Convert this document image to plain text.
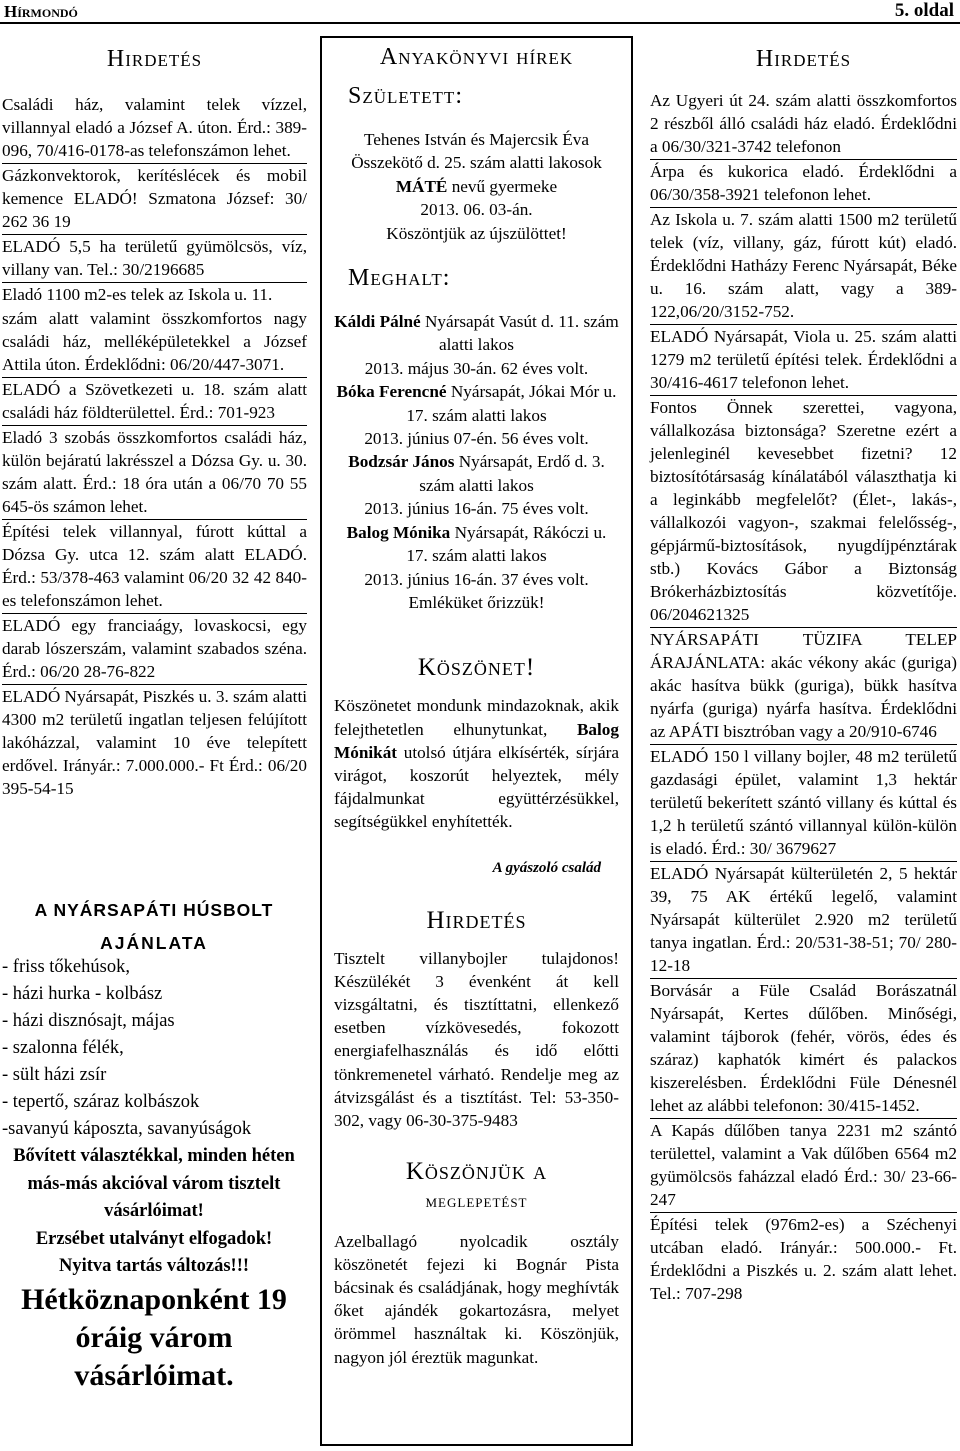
Hírmondó	5. oldal
Hirdetés
Családi ház, valamint telek vízzel, villannyal eladó a József A. úton. Érd.: 389-096, 70/416-0178-as telefonszámon lehet.
Gázkonvektorok, kerítéslécek és mobil kemence ELADÓ! Szmatona József: 30/ 262 36 19
ELADÓ 5,5 ha területű gyümölcsös, víz, villany van. Tel.: 30/2196685
Eladó 1100 m2-es telek az Iskola u. 11.
szám alatt valamint összkomfortos nagy családi ház, melléképületekkel a József Attila úton. Érdeklődni: 06/20/447-3071.
ELADÓ a Szövetkezeti u. 18. szám alatt családi ház földterülettel. Érd.: 701-923
Eladó 3 szobás összkomfortos családi ház, külön bejáratú lakrésszel a Dózsa Gy. u. 30. szám alatt. Érd.: 18 óra után a 06/70 70 55 645-ös számon lehet.
Építési telek villannyal, fúrott kúttal a Dózsa Gy. utca 12. szám alatt ELADÓ. Érd.: 53/378-463 valamint 06/20 32 42 840-es telefonszámon lehet.
ELADÓ egy franciaágy, lovaskocsi, egy darab lószerszám, valamint szabados széna. Érd.: 06/20 28-76-822
ELADÓ Nyársapát, Piszkés u. 3. szám alatti 4300 m2 területű ingatlan teljesen felújított lakóházzal, valamint 10 éve telepített erdővel. Irányár.: 7.000.000.- Ft Érd.: 06/20 395-54-15
A NYÁRSAPÁTI HÚSBOLT
AJÁNLATA
- friss tőkehúsok,
- házi hurka - kolbász
- házi disznósajt, májas
- szalonna félék,
- sült házi zsír
- tepertő, száraz kolbászok
-savanyú káposzta, savanyúságok
Bővített választékkal, minden héten más-más akcióval várom tisztelt vásárlóimat!
Erzsébet utalványt elfogadok!
Nyitva tartás változás!!!
Hétköznaponként 19 óráig várom vásárlóimat.
Anyakönyvi hírek
Született:
Tehenes István és Majercsik Éva
Összekötő d. 25. szám alatti lakosok
MÁTÉ nevű gyermeke
2013. 06. 03-án.
Köszöntjük az újszülöttet!
Meghalt:
Káldi Pálné Nyársapát Vasút d. 11. szám alatti lakos
2013. május 30-án. 62 éves volt.
Bóka Ferencné Nyársapát, Jókai Mór u. 17. szám alatti lakos
2013. június 07-én. 56 éves volt.
Bodzsár János Nyársapát, Erdő d. 3. szám alatti lakos
2013. június 16-án. 75 éves volt.
Balog Mónika Nyársapát, Rákóczi u. 17. szám alatti lakos
2013. június 16-án. 37 éves volt.
Emléküket őrizzük!
Köszönet!
Köszönetet mondunk mindazoknak, akik felejthetetlen elhunytunkat, Balog Mónikát utolsó útjára elkísérték, sírjára virágot, koszorút helyeztek, mély fájdalmunkat együttérzésükkel, segítségükkel enyhítették.
A gyászoló család
Hirdetés
Tisztelt villanybojler tulajdonos! Készülékét 3 évenként át kell vizsgáltatni, és tisztíttatni, ellenkező esetben vízkövesedés, fokozott energiafelhasználás és idő előtti tönkremenetel várható. Rendelje meg az átvizsgálást és a tisztítást. Tel: 53-350-302, vagy 06-30-375-9483
Köszönjük a
meglepetést
Azelballagó nyolcadik osztály köszönetét fejezi ki Bognár Pista bácsinak és családjának, hogy meghívták őket ajándék gokartozásra, melyet örömmel használtak ki. Köszönjük, nagyon jól éreztük magunkat.
Hirdetés
Az Ugyeri út 24. szám alatti összkomfortos 2 részből álló családi ház eladó. Érdeklődni a 06/30/321-3742 telefonon
Árpa és kukorica eladó. Érdeklődni a 06/30/358-3921 telefonon lehet.
Az Iskola u. 7. szám alatti 1500 m2 területű telek (víz, villany, gáz, fúrott kút) eladó. Érdeklődni Hatházy Ferenc Nyársapát, Béke u. 16. szám alatt, vagy a 389-122,06/20/3152-752.
ELADÓ Nyársapát, Viola u. 25. szám alatti 1279 m2 területű építési telek. Érdeklődni a 30/416-4617 telefonon lehet.
Fontos Önnek szerettei, vagyona, vállalkozása biztonsága? Szeretne ezért a jelenleginél kevesebbet fizetni? 12 biztosítótársaság kínálatából választhatja ki a leginkább megfelelőt? (Élet-, lakás-, vállalkozói vagyon-, szakmai felelősség-, gépjármű-biztosítások, nyugdíjpénztárak stb.) Kovács Gábor a Biztonság Brókerházbiztosítás közvetítője. 06/204621325
NYÁRSAPÁTI TÜZIFA TELEP ÁRAJÁNLATA: akác vékony akác (guriga) akác hasítva bükk (guriga), bükk hasítva nyárfa (guriga) nyárfa hasítva. Érdeklődni az APÁTI bisztróban vagy a 20/910-6746
ELADÓ 150 l villany bojler, 48 m2 területű gazdasági épület, valamint 1,3 hektár területű bekerített szántó villany és kúttal és 1,2 h területű szántó villannyal külön-külön is eladó. Érd.: 30/ 3679627
ELADÓ Nyársapát külterületén 2, 5 hektár 39, 75 AK értékű legelő, valamint Nyársapát külterület 2.920 m2 területű tanya ingatlan. Érd.: 20/531-38-51; 70/ 280-12-18
Borvásár a Füle Család Borászatnál Nyársapát, Kertes dűlőben. Minőségi, valamint tájborok (fehér, vörös, édes és száraz) kaphatók kimért és palackos kiszerelésben. Érdeklődni Füle Dénesnél lehet az alábbi telefonon: 30/415-1452.
A Kapás dűlőben tanya 2231 m2 szántó területtel, valamint a Vak dűlőben 6564 m2 gyümölcsös faházzal eladó Érd.: 30/ 23-66-247
Építési telek (976m2-es) a Széchenyi utcában eladó. Irányár.: 500.000.- Ft. Érdeklődni a Piszkés u. 2. szám alatt lehet. Tel.: 707-298
